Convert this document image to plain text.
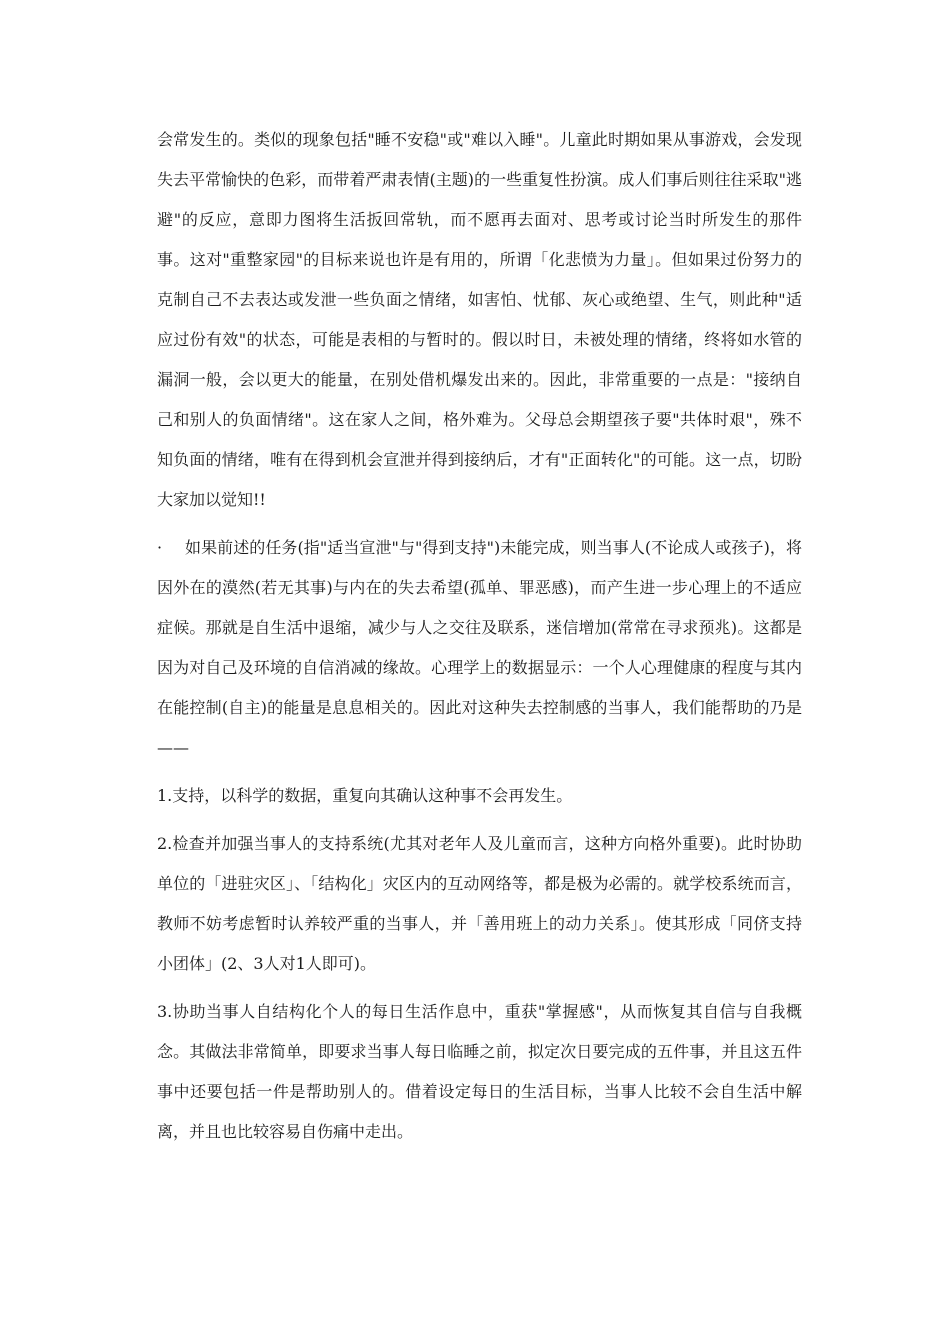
会常发生的。类似的现象包括"睡不安稳"或"难以入睡"。儿童此时期如果从事游戏，会发现失去平常愉快的色彩，而带着严肃表情(主题)的一些重复性扮演。成人们事后则往往采取"逃避"的反应，意即力图将生活扳回常轨，而不愿再去面对、思考或讨论当时所发生的那件事。这对"重整家园"的目标来说也许是有用的，所谓「化悲愤为力量」。但如果过份努力的克制自己不去表达或发泄一些负面之情绪，如害怕、忧郁、灰心或绝望、生气，则此种"适应过份有效"的状态，可能是表相的与暂时的。假以时日，未被处理的情绪，终将如水管的漏洞一般，会以更大的能量，在别处借机爆发出来的。因此，非常重要的一点是："接纳自己和别人的负面情绪"。这在家人之间，格外难为。父母总会期望孩子要"共体时艰"，殊不知负面的情绪，唯有在得到机会宣泄并得到接纳后，才有"正面转化"的可能。这一点，切盼大家加以觉知!!

· 如果前述的任务(指"适当宣泄"与"得到支持")未能完成，则当事人(不论成人或孩子)，将因外在的漠然(若无其事)与内在的失去希望(孤单、罪恶感)，而产生进一步心理上的不适应症候。那就是自生活中退缩，减少与人之交往及联系，迷信增加(常常在寻求预兆)。这都是因为对自己及环境的自信消减的缘故。心理学上的数据显示：一个人心理健康的程度与其内在能控制(自主)的能量是息息相关的。因此对这种失去控制感的当事人，我们能帮助的乃是——

1.支持，以科学的数据，重复向其确认这种事不会再发生。

2.检查并加强当事人的支持系统(尤其对老年人及儿童而言，这种方向格外重要)。此时协助单位的「进驻灾区」、「结构化」灾区内的互动网络等，都是极为必需的。就学校系统而言，教师不妨考虑暂时认养较严重的当事人，并「善用班上的动力关系」。使其形成「同侪支持小团体」(2、3人对1人即可)。

3.协助当事人自结构化个人的每日生活作息中，重获"掌握感"，从而恢复其自信与自我概念。其做法非常简单，即要求当事人每日临睡之前，拟定次日要完成的五件事，并且这五件事中还要包括一件是帮助别人的。借着设定每日的生活目标，当事人比较不会自生活中解离，并且也比较容易自伤痛中走出。
